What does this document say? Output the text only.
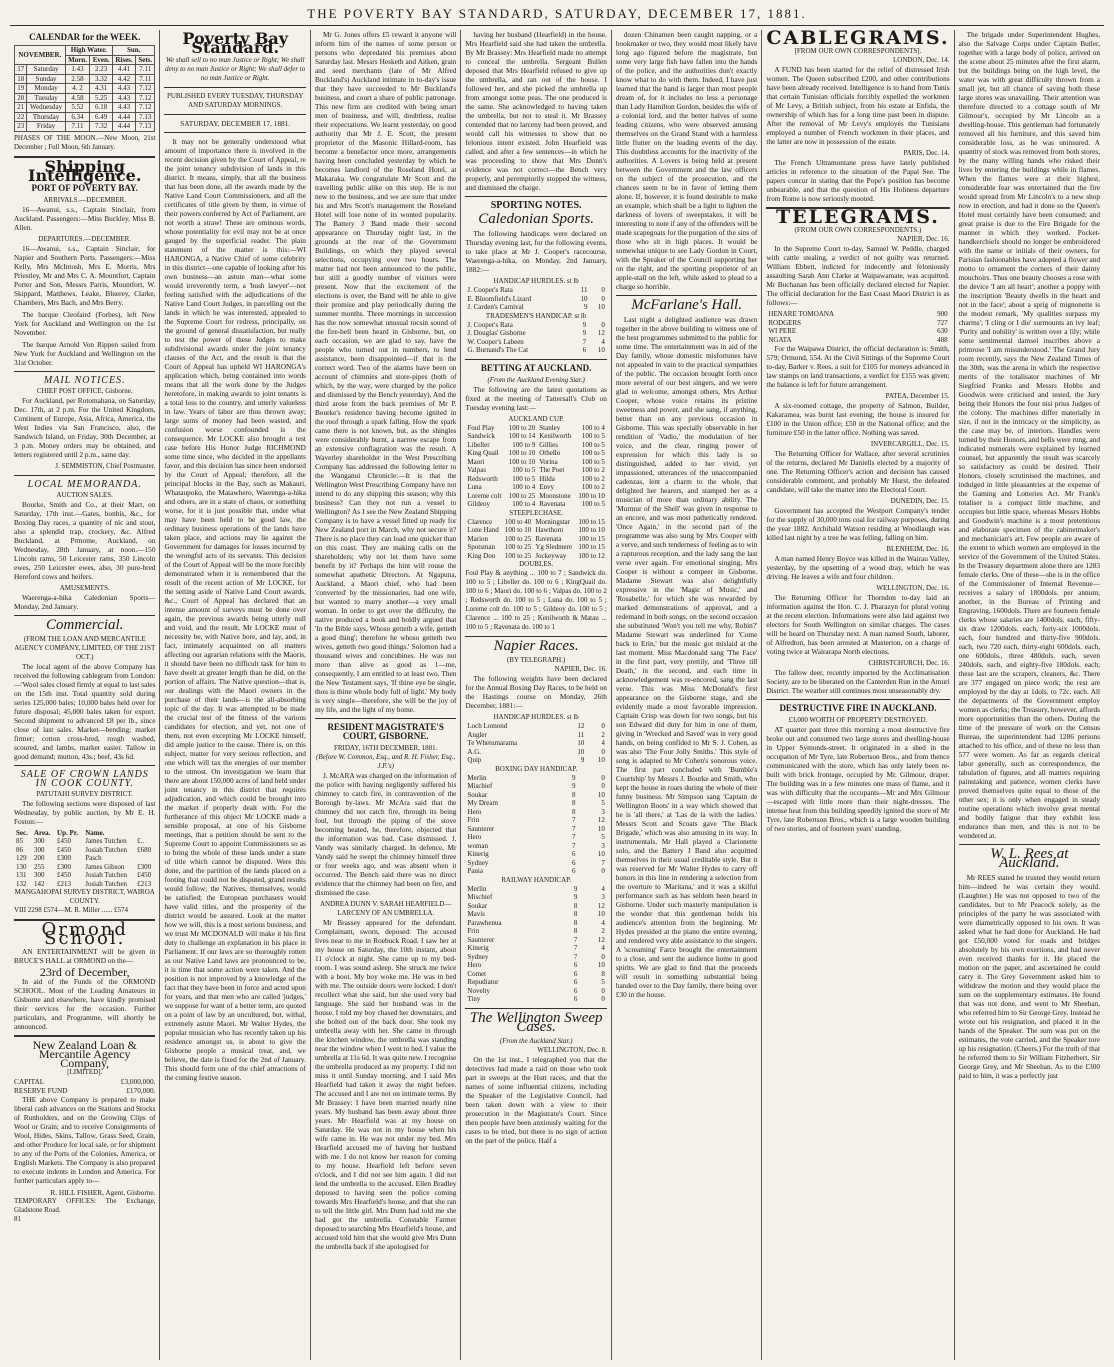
THE POVERTY BAY STANDARD, SATURDAY, DECEMBER 17, 1881.
CALENDAR for the WEEK.
NOVEMBER.		High Water.		Sun.	
		Morn.	Even.	Rises.	Sets.
17	Saturday	1.43	2.23	4.41	7.11
18	Sunday	2.58	3.32	4.42	7.11
19	Monday	4. 2	4.31	4.43	7.12
20	Tuesday	4.58	5.25	4.43	7.12
21	Wednesday	5.52	6.18	4.43	7.12
22	Thursday	6.34	6.49	4.44	7.13
23	Friday	7.11	7.32	4.44	7.13
PHASES OF THE MOON.—New Moon, 21st December ; Full Moon, 6th January.
Shipping Intelligence.
PORT OF POVERTY BAY.
ARRIVALS.—DECEMBER.

16—Awanui, s.s., Captain Sinclair, from Auckland. Passengers:—Miss Buckley, Miss B. Allen.

DEPARTURES.—DECEMBER.

16—Awanui, s.s., Captain Sinclair, for Napier and Southern Ports. Passengers:—Miss Kelly, Mrs McIntosh, Mrs E. Morris, Mrs Priestley, Mr and Mrs C. A. Mountfort, Captain Porter and Son, Messrs Parris, Mountfort, W. Skippard, Matthews, Leake, Bluerey, Clarke, Chambers, Mrs Bach, and Mrs Berry.

The barque Cleofaird (Forbes), left New York for Auckland and Wellington on the 1st November.

The barque Arnold Von Rippen sailed from New York for Auckland and Wellington on the 31st October.

MAIL NOTICES.
CHIEF POST OFFICE, Gisborne.

For Auckland, per Rotomahana, on Saturday, Dec. 17th, at 2 p.m. For the United Kingdom, Continent of Europe, Asia, Africa, America, the West Indies via San Francisco, also, the Sandwich Island, on Friday, 30th December, at 3 p.m. Money orders may be obtained, and letters registered until 2 p.m., same day.

J. SEMMISTON, Chief Postmaster.
LOCAL MEMORANDA.
AUCTION SALES.

Bourke, Smith and Co., at their Mart, on Saturday, 17th inst.—Gates, bonbis, &c., for Boxing Day races, a quantity of nic and stout, also a splendid trap, crockery, &c. Alfred Buckland, at Prmome, Auckland, on Wednesday, 28th January, at noon.—150 Lincoln rams, 50 Leicester rams, 350 Lincoln ewes, 250 Leicester ewes, also, 30 pure-bred Hereford cows and heifers.

AMUSEMENTS.

Waerenga-a-hika Caledonian Sports—Monday, 2nd January.

Commercial.
(FROM THE LOAN AND MERCANTILE AGENCY COMPANY, LIMITED, OF THE 21ST OCT.)

The local agent of the above Company has received the following cablegram from London:—'Wool sales closed firmly at equal to last sales on the 15th inst. Total quantity sold during series 125,000 bales; 10,000 bales held over for future disposal; 45,000 bales taken for export. Second shipment to advanced £8 per lb., since close of last sales. Market—bending; market firmer; cotton cross-bred, rough washed, scoured, and lambs, market easier. Tallow in good demand; mutton, 43s.; beef, 43s 6d.

SALE OF CROWN LANDS IN COOK COUNTY.
PATUTAHI SURVEY DISTRICT.

The following sections were disposed of last Wednesday, by public auction, by Mr E. H. Foston:—

Sec.	Area.	Up. Pr.	Name.	
85	300	£450	James Tutchen	£..
86	300	£450	Josiah Tutchen	£680
129	200	£300	Pasch	
130	255	£300	James Gibson	£300
131	300	£450	Josiah Tutchen	£450
132	142	£213	Josiah Tutchen	£213
MANGAHOPAI SURVEY DISTRICT, WAIROA COUNTY.
VIII 2298 £574—M. R. Miller ...... £574
Ormond School.

AN ENTERTAINMENT will be given in BRUCE'S HALL at ORMOND on the—

23rd of December,

In aid of the Funds of the ORMOND SCHOOL. Most of the Leading Amateurs in Gisborne and elsewhere, have kindly promised their services for the occasion. Further particulars, and Programme, will shortly be announced.

New Zealand Loan & Mercantile Agency Company,
[LIMITED].
CAPITAL	£3,000,000.
RESERVE FUND	£170,000.

THE above Company is prepared to make liberal cash advances on the Stations and Stocks of Runholders, and on the Growing Clips of Wool or Grain; and to receive Consignments of Wool, Hides, Skins, Tallow, Grass Seed, Grain, and other Produce for local sale, or for shipment to any of the Ports of the Colonies, America, or English Markets. The Company is also prepared to execute indents in London and America. For further particulars apply to—

R. HILL FISHER, Agent, Gisborne.
TEMPORARY OFFICES: The Exchange, Gladstone Road.
81
Poverty Bay Standard.
We shall sell to no man Justice or Right; We shall deny to no man Justice or Right; We shall defer to no man Justice or Right.
PUBLISHED EVERY TUESDAY, THURSDAY AND SATURDAY MORNINGS.
SATURDAY, DECEMBER 17, 1881.

It may not be generally understood what amount of importance there is involved in the recent decision given by the Court of Appeal, re the joint tenancy subdivision of lands in this district. It means, simply, that all the business that has been done, all the awards made by the Native Land Court Commissioners, and all the certificates of title given by them, in virtue of their powers conferred by Act of Parliament, are not worth a straw! These are ominous words, whose potentiality for evil may not be at once gauged by the superficial reader. The plain statement of the matter is this:—WI HARONGA, a Native Chief of some celebrity in this district—one capable of looking after his own business—an astute man—what some would irreverently term, a 'bush lawyer'—not feeling satisfied with the adjudications of the Native Land Court Judges, in parcelling out the lands in which he was interested, appealed to the Supreme Court for redress, principally, on the ground of general dissatisfaction, but really to test the power of these Judges to make subdivisional awards under the joint tenancy clauses of the Act, and the result is that the Court of Appeal has upheld WI HARONGA's application which, being contained into words means that all the work done by the Judges heretofore, in making awards to joint tenants is a total loss to the country, and utterly valueless in law. Years of labor are thus thrown away; large sums of money had been wasted, and confusion worse confounded is the consequence. Mr LOCKE also brought a test case before His Honor Judge RICHMOND some time since, who decided in the appellants favor, and this decision has since been endorsed by the Court of Appeal; therefore, all the principal blocks in the Bay, such as Makauri, Whataupoko, the Matawhero, Waerenga-a-hika and others, are in a state of chaos, or something worse, for it is just possible that, under what may have been held to be good law, the ordinary business operations of the lands have taken place, and actions may lie against the Government for damages for losses incurred by the wrongful acts of its servants. This decision of the Court of Appeal will be the more forcibly demonstrated when it is remembered that the result of the recent action of Mr LOCKE, for the setting aside of Native Land Court awards, &c., Court of Appeal has declared that an intense amount of surveys must be done over again, the previous awards being utterly null and void, and the result, Mr LOCKE must of necessity be, with Native bore, and lay, and, in fact, intimately acquainted on all matters affecting our agrarian relations with the Maoris, it should have been no difficult task for him to have dwelt at greater length than he did, on the portion of affairs. The Native question—that is, our dealings with the Maori owners in the purchase of their lands—is the all-absorbing topic of the day. It was attempted to be made the crucial test of the fitness of the various candidates for election, and yet, not one of them, not even excepting Mr LOCKE himself, did ample justice to the cause. There is, on this subject, matter for very serious reflection, and one which will tax the energies of our member to the utmost. On investigation we learn that there are about 150,000 acres of land held under joint tenancy in this district that requires adjudication, and which could be brought into the market if properly dealt with. For the furtherance of this object Mr LOCKE made a sensible proposal, at one of his Gisborne meetings, that a petition should be sent to the Supreme Court to appoint Commissioners so as to bring the whole of these lands under a state of title which cannot be disputed. Were this done, and the partition of the lands placed on a footing that could not be disputed, grand results would follow; the Natives, themselves, would be satisfied; the European purchasers would have valid titles, and the prosperity of the district would be assured. Look at the matter how we will, this is a most serious business, and we trust Mr MCDONALD will make it his first duty to challenge an explanation in his place in Parliament. If our laws are so thoroughly rotten as our Native Land laws are pronounced to be, it is time that some action were taken. And the position is not improved by a knowledge of the fact that they have been in force and acted upon for years, and that men who are called 'judges,' we suppose for want of a better term, are quoted on a point of law by an uncultured, but, withal, extremely astute Maori. Mr Walter Hydes, the popular musician who has recently taken up his residence amongst us, is about to give the Gisborne people a musical treat, and, we believe, the date is fixed for the 2nd of January. This should form one of the chief attractions of the coming festive season.

Mr G. Jones offers £5 reward it anyone will inform him of the names of some person or persons who depredated his premises about Saturday last. Messrs Hesketh and Aitken, grain and seed merchants (late of Mr Alfred Buckland's) Auckland intimate in to-day's issue that they have succeeded to Mr Buckland's business, and court a share of public patronage. This new firm are credited with being smart men of business, and will, doubtless, realise their expectations. We learnt yesterday, on good authority that Mr J. E. Scott, the present proprietor of the Masonic Hillard-room, has become a benefactor once more, arrangements having been concluded yesterday by which he becomes landlord of the Roseland Hotel, at Makaraka. We congratulate Mr Scott and the travelling public alike on this step. He is not new to the business, and we are sure that under his and Mrs Scott's management the Roseland Hotel will lose none of its wonted popularity. The Battery J Band made their second appearance on Thursday night last, in the grounds at the rear of the Government Buildings, on which they played several selections, occupying over two hours. The matter had not been announced to the public, but still a goodly number of visitors were present. Now that the excitement of the elections is over, the Band will be able to give their promise and play periodically during the summer months. Three mornings in succession has the now somewhat unusual tocsin sound of the fire-bell been heard in Gisborne, but, on each occasion, we are glad to say, have the people who turned out in numbers, to lend assistance, been disappointed—if that is the correct word. Two of the alarms have been on account of chimnies and store-pipes (both of which, by the way, were charged by the police and dismissed by the Bench yesterday). And the third arose from the back premises of Mr P. Bourke's residence having become ignited in the roof through a spark falling. How the spark came there is not known, but, as the shingles were considerably burnt, a narrow escape from an extensive conflagration was the result. A Waverley shareholder in the West Prescribing Company has addressed the following letter to the Wanganui Chronicle:—It is that the Wellington West Prescribing Company have not intend to do any shipping this season; why this business? Can they not run a vessel to Wellington? As I see the New Zealand Shipping Company is to have a vessel fitted up ready for New Zealand port in March, why not secure it? There is no place they can load one quicker than on this coast. They are making calls on the shareholders; why not let them have some benefit by it? Perhaps the hint will rouse the somewhat apathetic Directors. At Ngapuna, Auckland, a Maori chief, who had been 'converted' by the missionaries, had one wife, but wanted to marry another—a very small woman. In order to get over the difficulty, the native produced a book and boldly argued that 'In the Bible says, Whoso getteth a wife, getteth a good thing'; therefore he whoso getteth two wives, getteth two good things.' Solomon had a thousand wives and concubines. He was not more than alive as good as 1—me, consequently, I am entitled to at least two. Then the New Testament says, 'If thine eye be single, thou is thine whole body full of light.' My body is very single—therefore, she will be the joy of my life, and the light of my home.

RESIDENT MAGISTRATE'S COURT, GISBORNE.
FRIDAY, 16TH DECEMBER, 1881.
(Before W. Common, Esq., and R. H. Fisher, Esq., J.P.'s)

J. McARA was charged on the information of the police with having negligently suffered his chimney to catch fire, in contravention of the Borough by-laws. Mr McAra said that the chimney did not catch fire, through its being foul, but through the piping of the stove becoming heated, he, therefore, objected that the information was bad. Case dismissed. J. Vandy was similarly charged. In defence, Mr Vandy said he swept the chimney himself three or four weeks ago, and was absent when it occurred. The Bench said there was no direct evidence that the chimney had been on fire, and dismissed the case.

ANDREA DUNN V. SARAH HEARFIELD—LARCENY OF AN UMBRELLA.

Mr Brassey appeared for the defendant. Complainant, sworn, deposed: The accused lives near to me in Roebuck Road. I saw her at my house on Saturday, the 10th instant, about 11 o'clock at night. She came up to my bed-room. I was sound asleep. She struck me twice with a boot. My boy woke me. He was in bed with me. The outside doors were locked. I don't recollect what she said, but she used very bad language. She said her husband was in the house. I told my boy chased her downstairs, and she bolted out of the back door. She took my umbrella away with her. She came in through the kitchen window, the umbrella was standing near the window when I went to bed. I value the umbrella at 11s 6d. It was quite new. I recognise the umbrella produced as my property. I did not miss it until Sunday morning, and I said Mrs Hearfield had taken it away the night before. The accused and I are not on intimate terms. By Mr Brassey: I have been married nearly nine years. My husband has been away about three years. Mr Hearfield was at my house on Saturday. He was not in my house when his wife came in. He was not under my bed. Mrs Hearfield accused me of having her husband with me. I do not know her reason for coming to my house. Hearfield left before seven o'clock, and I did not see him again. I did not lend the umbrella to the accused. Ellen Bradley deposed to having seen the police coming towards Mrs Hearfield's house, and that she ran to tell the little girl. Mrs Dunn had told me she had got the umbrella. Constable Farmer deposed to searching Mrs Hearfield's house, and accused told him that she would give Mrs Dunn the umbrella back if she apologised for

having her husband (Hearfield) in the house. Mrs Hearfield said she had taken the umbrella. By Mr Brassey: Mrs Hearfield made no attempt to conceal the umbrella. Sergeant Bullen deposed that Mrs Hearfield refused to give up the umbrella, and ran out of the house. I followed her, and she picked the umbrella up from amongst some peas. The one produced is the same. She acknowledged to having taken the umbrella, but not to steal it. Mr Brassey contended that no larceny had been proved, and would call his witnesses to show that no felonious intent existed. John Hearfield was called, and after a few sentences—in which he was proceeding to show that Mrs Dunn's evidence was not correct—the Bench very properly, and peremptorily stopped the witness, and dismissed the charge.

SPORTING NOTES.
Caledonian Sports.

The following handicaps were declared on Thursday evening last, for the following events, to take place at Mr J. Cooper's racecourse, Waerenga-a-hika, on Monday, 2nd January, 1882:—

HANDICAP HURDLES. st lb
J. Cooper's Rata	11	0
E. Bloomfield's Lizard	10	0
J. Carden's Carnival	9	10
TRADESMEN'S HANDICAP. st lb
J. Cooper's Rata	9	0
J. Douglas' Gisborne	9	12
W. Cooper's Labeen	7	4
G. Burnand's The Cat	6	10
BETTING AT AUCKLAND.
(From the Auckland Evening Star.)

The following are the latest quotations as fixed at the meeting of Tattersall's Club on Tuesday evening last:—

AUCKLAND CUP.
Foul Play	100 to 20	Stanley	100 to 4
Sandwick	100 to 14	Kenilworth	100 to 5
Libeller	100 to 9	Gillies	100 to 5
King Quail	100 to 10	Othello	100 to 5
Maori	100 to 10	Vorina	100 to 5
Valpas	100 to 5	The Poet	100 to 2
Redsworth	100 to 5	Hilda	100 to 2
Luna	100 to 4	Envy	100 to 2
Loreme colt	100 to 25	Moonstone	100 to 10
Gildeoy	100 to 4	Ravenata	100 to 5
STEEPLECHASE.
Clarence	100 to 40	Morningstar	100 to 15
Lone Hand	100 to 10	Hawthorn	100 to 10
Marion	100 to 25	Ravenata	100 to 15
Spotsman	100 to 25	Yg Sledmere	100 to 15
King Don	100 to 25	Jockeyway	100 to 12
DOUBLES.

Foul Play & anything ... 100 to 7 ; Sandwick do. 100 to 5 ; Libeller do. 100 to 6 ; KingQuail do. 100 to 6 ; Maori do. 100 to 6 ; Valpas do. 100 to 2 ; Redsworth do. 100 to 5 ; Luna do. 100 to 5 ; Loreme colt do. 100 to 5 ; Gildeoy do. 100 to 5 ; Clarence ... 100 to 25 ; Kenilworth & Matau ... 100 to 5 ; Ravenata do. 100 to 1

Napier Races.
(BY TELEGRAPH.)
NAPIER, Dec. 16.

The following weights have been declared for the Annual Boxing Day Races, to be held on the Hastings course on Monday, 26th December, 1881:—

HANDICAP HURDLES. st lb
Loch Lomond	12	0
Angler	11	2
Te Whetumarama	10	4
A.G.	10	0
Quip	9	10
BOXING DAY HANDICAP.
Merlin	9	0
Mischief	9	0
Soukar	8	10
My Dream	8	5
Hero	8	3
Frin	7	12
Saunterer	7	10
Hero	7	5
woman	7	3
Kinerig	6	10
Sydney	6	7
Pania	6	0
RAILWAY HANDICAP.
Merlin	9	4
Mischief	9	3
Soukar	8	12
Mavis	8	10
Parawhenua	8	4
Frin	8	2
Saunterer	7	12
Kinerig	7	4
Sydney	7	0
Hero	6	10
Comet	6	8
Repudiator	6	5
Novelty	6	0
Tiny	6	0
The Wellington Sweep Cases.
(From the Auckland Star.)
WELLINGTON, Dec. 8.

On the 1st inst., I telegraphed you that the detectives had made a raid on those who took part in sweeps at the Hutt races, and that the names of some influential citizens, including the Speaker of the Legislative Council, had been taken down with a view to their prosecution in the Magistrate's Court. Since then people have been anxiously waiting for the cases to be tried, but there is no sign of action on the part of the police. Half a

dozen Chinamen been caught napping, or a bookmaker or two, they would most likely have long ago figured before the magistrate, but some very large fish have fallen into the hands of the police, and the authorities don't exactly know what to do with them. Indeed, I have just learned that the hand is larger than most people dream of, for it includes no less a personage than Lady Hamilton Gordon, besides the wife of a colonial lord, and the better halves of some leading citizens, who were observed amusing themselves on the Grand Stand with a harmless little flutter on the leading events of the day. This doubtless accounts for the inactivity of the authorities. A Lovers is being held at present between the Government and the law officers on the subject of the prosecution, and the chances seem to be in favor of letting them alone. If, however, it is found desirable to make an example, which shall be a light to lighten the darkness of lovers of sweepstakes, it will be interesting to note if any of the offenders will be made scapegoats for the purgation of the sins of those who sit in high places. It would be somewhat unique to see Lady Gordon in Court, with the Speaker of the Council supporting her on the right, and the sporting proprietor of an apple-stall on the left, while asked to plead to a charge so horrible.

McFarlane's Hall.

Last night a delighted audience was drawn together in the above building to witness one of the best programmes submitted to the public for some time. The entertainment was in aid of the Day family, whose domestic misfortunes have not appealed in vain to the practical sympathies of the public. The occasion brought forth once more several of our best singers, and we were glad to welcome, amongst others, Mrs Arthur Cooper, whose voice retains its pristine sweetness and power, and she sang, if anything, better than on any previous occasion in Gisborne. This was specially observable in her rendition of 'Vadio,' the modulation of her voice, and the clear, ringing power of expression for which this lady is so distinguished, added to her vivid, yet impassioned, utterances of the unaccompanied cadenzas, lent a charm to the whole, that delighted her hearers, and stamped her as a musician of more than ordinary ability. The 'Murmur of the Shell' was given in response to an encore, and was most pathetically rendered. 'Once Again,' in the second part of the programme was also sung by Mrs Cooper with a verve, and such tenderness of feeling as to win a rapturous reception, and the lady sang the last verse over again. For emotional singing, Mrs Cooper is without a compeer in Gisborne. Madame Stewart was also delightfully expressive in the 'Magic of Music,' and 'Rosabelle,' for which she was rewarded by marked demonstrations of approval, and a redemand in both songs, on the second occasion she substituted 'Won't you tell me why, Robin?' Madame Stewart was underlined for 'Come back to Erin,' but the music got mislaid at the last moment. Miss Macdonald sang 'The Face' in the first part, very prettily, and 'Three till Death,' in the second, and each time in acknowledgement was re-encored, sang the last verse. This was Miss McDonald's first appearance on the Gisborne stage, and she evidently made a most favorable impression. Captain Crisp was down for two songs, but his son Edward did duty for him in one of them, giving in 'Wrecked and Saved' was in very good hands, on being confided to Mr S. J. Cohen, as was also 'The Four Jolly Smiths.' This style of song is adapted to Mr Cohen's sonorous voice. The first part concluded with 'Bumble's Courtship' by Messrs J. Bourke and Smith, who kept the house in roars during the whole of their funny business. Mr Simpson sang 'Captain de Wellington Boots' in a way which showed that he is 'all there,' at 'Las de la with the ladies.' Messrs Scott and Scoats gave 'The Black Brigade,' which was also amusing in its way. In instrumentals, Mr Hall played a Clarionette solo, and the Battery J Band also acquitted themselves in their usual creditable style. But it was reserved for Mr Walter Hydes to carry off honors in this line in rendering a selection from the overture to 'Maritana,' and it was a skilful performance such as has seldom been heard in Gisborne. Under such masterly manipulation is the wonder that this gentleman holds his audience's attention from the beginning. Mr Hydes presided at the piano the entire evening, and rendered very able assistance to the singers. A 'screaming' Farce brought the entertainment to a close, and sent the audience home in good spirits. We are glad to find that the proceeds will result in something substantial being handed over to the Day family, there being over £30 in the house.

CABLEGRAMS.
[FROM OUR OWN CORRESPONDENTS].
LONDON, Dec. 14.

A FUND has been started for the relief of distressed Irish women. The Queen subscribed £200, and other contributions have been already received. Intelligence is to hand from Tunis that certain Tunisian officials forcibly expelled the workmen of Mr Levy, a British subject, from his estate at Enfida, the ownership of which has for a long time past been in dispute. After the removal of Mr Levy's employés the Tunisians employed a number of French workmen in their places, and the latter are now in possession of the estate.

PARIS, Dec. 14.

The French Ultramontane press have lately published articles in reference to the situation of the Papal See. The papers concur in stating that the Pope's position has become unbearable, and that the question of His Holiness departure from Rome is now seriously mooted.

TELEGRAMS.
(FROM OUR OWN CORRESPONDENTS.)
NAPIER, Dec. 16.

In the Supreme Court to-day, Samuel W. Peddle, charged with cattle stealing, a verdict of not guilty was returned. William Ebbett, indicted for indecently and feloniously assaulting Sarah Ann Clarke at Waipawamate, was acquitted. Mr Buchanan has been officially declared elected for Napier. The official declaration for the East Coast Maori District is as follows:—

HENARE TOMOANA	900
RODGERS	727
WI PERE	630
NGATA	488

For the Waipawa District, the official declaration is: Smith, 579; Ormond, 554. At the Civil Sittings of the Supreme Court to-day, Barker v. Rees, a suit for £105 for moneys advanced in law stamps on land transactions, a verdict for £155 was given; the balance is left for future arrangement.

PATEA, December 15.

A six-roomed cottage, the property of Salmon, Builder, Kakaramea, was burnt last evening; the house is insured for £100 in the Union office; £50 in the National office; and the furniture £50 in the latter office. Nothing was saved.

INVERCARGILL, Dec. 15.

The Returning Officer for Wallace, after several scrutinies of the returns, declared Mr Daniells elected by a majority of one. The Returning Officer's action and decision has caused considerable comment, and probably Mr Hurst, the defeated candidate, will take the matter into the Electoral Court.

DUNEDIN, Dec. 15.

Government has accepted the Westport Company's tender for the supply of 30,000 tons coal for railway purposes, during the year 1882. Archibald Watson residing at Woodlaugh was killed last night by a tree he was felling, falling on him.

BLENHEIM, Dec. 16.

A man named Henry Boyce was killed in the Wairau Valley, yesterday, by the upsetting of a wood dray, which he was driving. He leaves a wife and four children.

WELLINGTON, Dec. 16.

The Returning Officer for Thorndon to-day laid an information against the Hon. C. J. Pharazyn for plural voting at the recent election. Informations were also laid against two electors for South Wellington on similar charges. The cases will be heard on Thursday next. A man named South, laborer, of Alfredton, has been arrested at Masterton, on a charge of voting twice at Wairarapa North elections.

CHRISTCHURCH, Dec. 16.

The fallow deer, recently imported by the Acclimatisation Society, are to be liberated on the Canterden Run in the Amuri District. The weather still continues most unseasonably dry.

DESTRUCTIVE FIRE IN AUCKLAND.
£3,000 WORTH OF PROPERTY DESTROYED.

AT quarter past three this morning a most destructive fire broke out and consumed two large stores and dwelling-house in Upper Symonds-street. It originated in a shed in the occupation of Mr Tyre, late Robertson Bros., and from thence communicated with the store, which has only lately been re-built with brick frontage, occupied by Mr. Gilmour, draper. The building was in a few minutes one mass of flame, and it was with difficulty that the occupants—Mr and Mrs Gilmour—escaped with little more than their night-dresses. The intense heat from this building speedily ignited the store of Mr Tyre, late Robertson Bros., which is a large wooden building of two stories, and of fourteen years' standing.

The brigade under Superintendent Hughes, also the Salvage Corps under Captain Butler, together with a large body of police, arrived on the scene about 25 minutes after the first alarm, but the buildings being on the high level, the water was with great difficulty thrown from a small jet, but all chance of saving both these large stores was unavailing. Their attention was therefore directed to a cottage south of Mr Gilmour's, occupied by Mr Lincoln as a dwelling-house. This gentleman had fortunately removed all his furniture, and this saved him considerable loss, as he was uninsured. A quantity of stock was removed from both stores, by the many willing hands who risked their lives by entering the buildings while in flames. When the flames were at their highest, considerable fear was entertained that the fire would spread from Mr Lincoln's to a new shop now in erection, and had it done so the Queen's Hotel must certainly have been consumed; and great praise is due to the Fire Brigade for the manner in which they worked. Pocket-handkerchiefs should no longer be embroidered with the name or initials of their owners, for Parisian fashionables have adopted a flower and motto to ornament the corners of their dainty mouchoirs. Thus one beauty chooses a rose with the device 'I am all heart'; another a poppy with the inscription 'Beauty dwells in the heart and not in the face'; about a sprig of mignonette is the modest remark, 'My qualities surpass my charms'; 'I cling or I die' surmounts an ivy leaf; 'Purity and nobility' is written over a lily; while some sentimental damsel inscribes above a primrose 'I am misunderstood.' The Grand Jury room recently, says the New Zealand Times of the 30th, was the arena in which the respective merits of the totalisator machines of Mr Siegfried Franks and Messrs Hobbs and Goodwin were criticised and tested, the Jury being their Honors the four nisi prius Judges of the colony. The machines differ materially in size, if not in the intricacy or the simplicity, as the case may be, of interiors. Handles were turned by their Honors, and bells were rung, and indicated numerals were explained by learned counsel, but apparently the result was scarcely so satisfactory as could be desired. Their Honors, closely scrutinised the machines, and indulged in little pleasantries at the expense of the Gaming and Lotteries Act. Mr Frank's totaliser is a compact little machine, and occupies but little space, whereas Messrs Hobbs and Goodwin's machine is a most pretentious and elaborate specimen of the cabinetmaker's and mechanician's art. Few people are aware of the extent to which women are employed in the service of the Government of the United States. In the Treasury department alone there are 1283 female clerks. One of these—she is in the office of the Commissioner of Internal Revenue—receives a salary of 1800dols. per annum; another, in the Bureau of Printing and Engraving, 1600dols. There are fourteen female clerks whose salaries are 1400dols. each, fifty-six draw 1200dols. each, forty-six 1000dols. each, four hundred and thirty-five 900dols. each, two 720 each, thirty-eight 600dols. each, one 600dols., three 480dols. each, seven 240dols. each, and eighty-five 180dols. each; these last are the scrapers, cleaners, &c. There are 377 engaged on piece work; the rest are employed by the day at 1dols. to 72c. each. All the departments of the Government employ women as clerks; the Treasury, however, affords more opportunities than the others. During the time of the pressure of work on the Census Bureau, the superintendent had 1286 persons attached to his office, and of these no less than 577 were women. As far as regards clerical labor generally, such as correspondence, the tabulation of figures, and all matters requiring painstaking and patience, women clerks have proved themselves quite equal to those of the other sex; it is only when engaged in steady routine operations which involve great mental and bodily fatigue that they exhibit less endurance than men, and this is not to be wondered at.

W. L. Rees at Auckland.

Mr REES stated he trusted they would return him—indeed he was certain they would. (Laughter.) He was not opposed to two of the candidates, but to Mr Peacock solely, as the principles of the party he was associated with were diametrically opposed to his own. It was asked what he had done for Auckland. He had got £50,000 voted for roads and bridges absolutely by his own exertions, and had never even received thanks for it. He placed the motion on the paper, and ascertained he could carry it. The Grey Government asked him to withdraw the motion and they would place the sum on the supplementary estimates. He found that was not done, and went to Mr Sheehan, who referred him to Sir George Grey. Instead he wrote out his resignation, and placed it in the hands of the Speaker. The sum was put on the estimates, the vote carried, and the Speaker tore up his resignation. (Cheers.) For the truth of that he referred them to Sir William Fitzherbert, Sir George Grey, and Mr Sheehan. As to the £300 paid to him, it was a perfectly just
